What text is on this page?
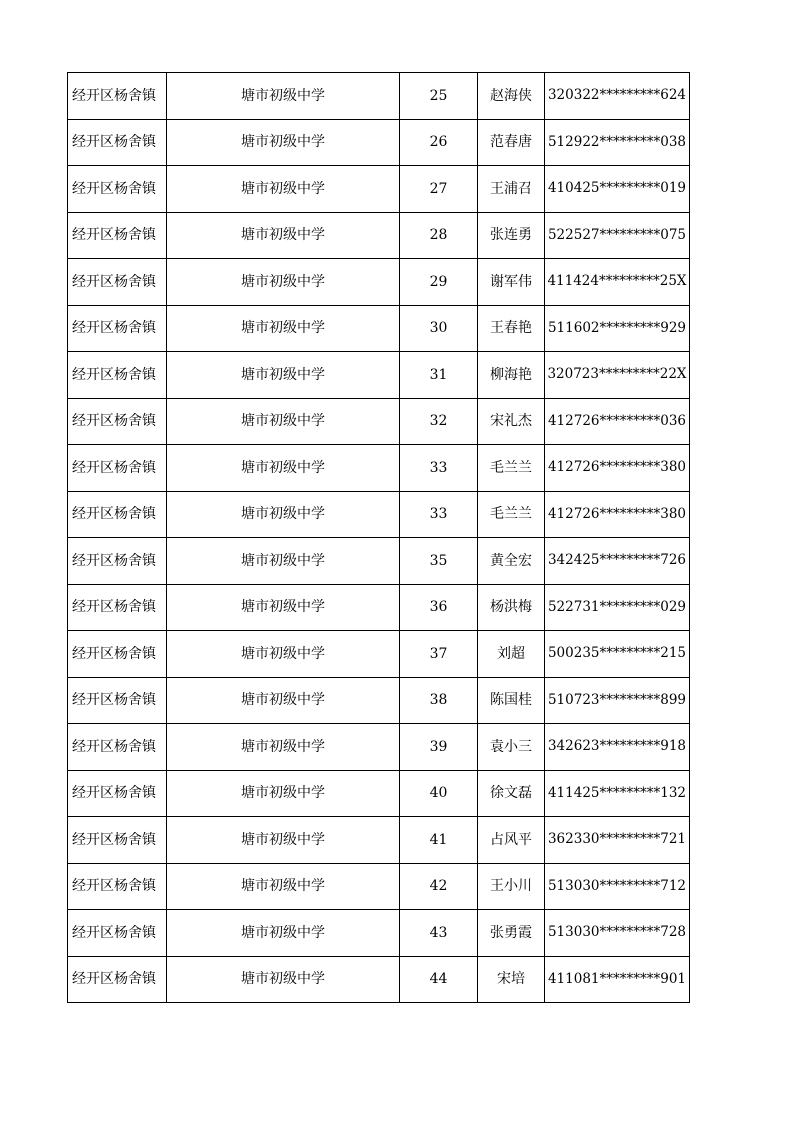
经开区杨舍镇	塘市初级中学	25	赵海侠	320322*********624
经开区杨舍镇	塘市初级中学	26	范春唐	512922*********038
经开区杨舍镇	塘市初级中学	27	王浦召	410425*********019
经开区杨舍镇	塘市初级中学	28	张连勇	522527*********075
经开区杨舍镇	塘市初级中学	29	谢军伟	411424*********25X
经开区杨舍镇	塘市初级中学	30	王春艳	511602*********929
经开区杨舍镇	塘市初级中学	31	柳海艳	320723*********22X
经开区杨舍镇	塘市初级中学	32	宋礼杰	412726*********036
经开区杨舍镇	塘市初级中学	33	毛兰兰	412726*********380
经开区杨舍镇	塘市初级中学	33	毛兰兰	412726*********380
经开区杨舍镇	塘市初级中学	35	黄全宏	342425*********726
经开区杨舍镇	塘市初级中学	36	杨洪梅	522731*********029
经开区杨舍镇	塘市初级中学	37	刘超	500235*********215
经开区杨舍镇	塘市初级中学	38	陈国桂	510723*********899
经开区杨舍镇	塘市初级中学	39	袁小三	342623*********918
经开区杨舍镇	塘市初级中学	40	徐文磊	411425*********132
经开区杨舍镇	塘市初级中学	41	占风平	362330*********721
经开区杨舍镇	塘市初级中学	42	王小川	513030*********712
经开区杨舍镇	塘市初级中学	43	张勇霞	513030*********728
经开区杨舍镇	塘市初级中学	44	宋培	411081*********901
